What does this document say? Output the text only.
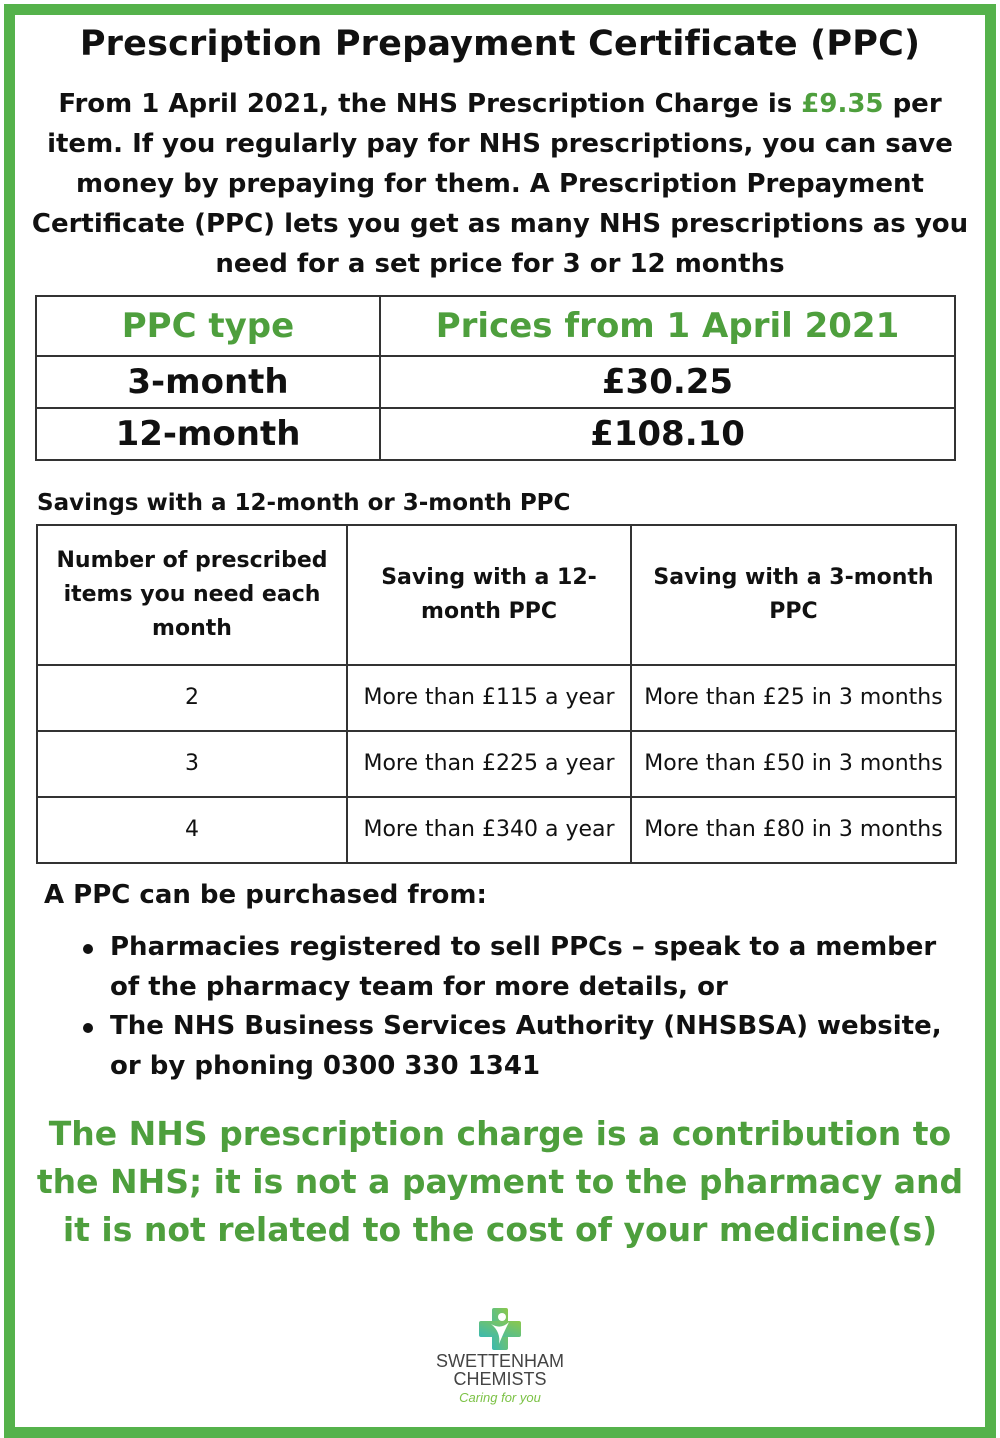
Prescription Prepayment Certificate (PPC)
From 1 April 2021, the NHS Prescription Charge is £9.35 per item. If you regularly pay for NHS prescriptions, you can save money by prepaying for them. A Prescription Prepayment Certificate (PPC) lets you get as many NHS prescriptions as you need for a set price for 3 or 12 months
PPC type	Prices from 1 April 2021
3-month	£30.25
12-month	£108.10
Savings with a 12-month or 3-month PPC
Number of prescribed items you need each month	Saving with a 12-month PPC	Saving with a 3-month PPC
2	More than £115 a year	More than £25 in 3 months
3	More than £225 a year	More than £50 in 3 months
4	More than £340 a year	More than £80 in 3 months
A PPC can be purchased from:
Pharmacies registered to sell PPCs – speak to a member of the pharmacy team for more details, or
The NHS Business Services Authority (NHSBSA) website, or by phoning 0300 330 1341
The NHS prescription charge is a contribution to the NHS; it is not a payment to the pharmacy and it is not related to the cost of your medicine(s)
SWETTENHAM
CHEMISTS
Caring for you
